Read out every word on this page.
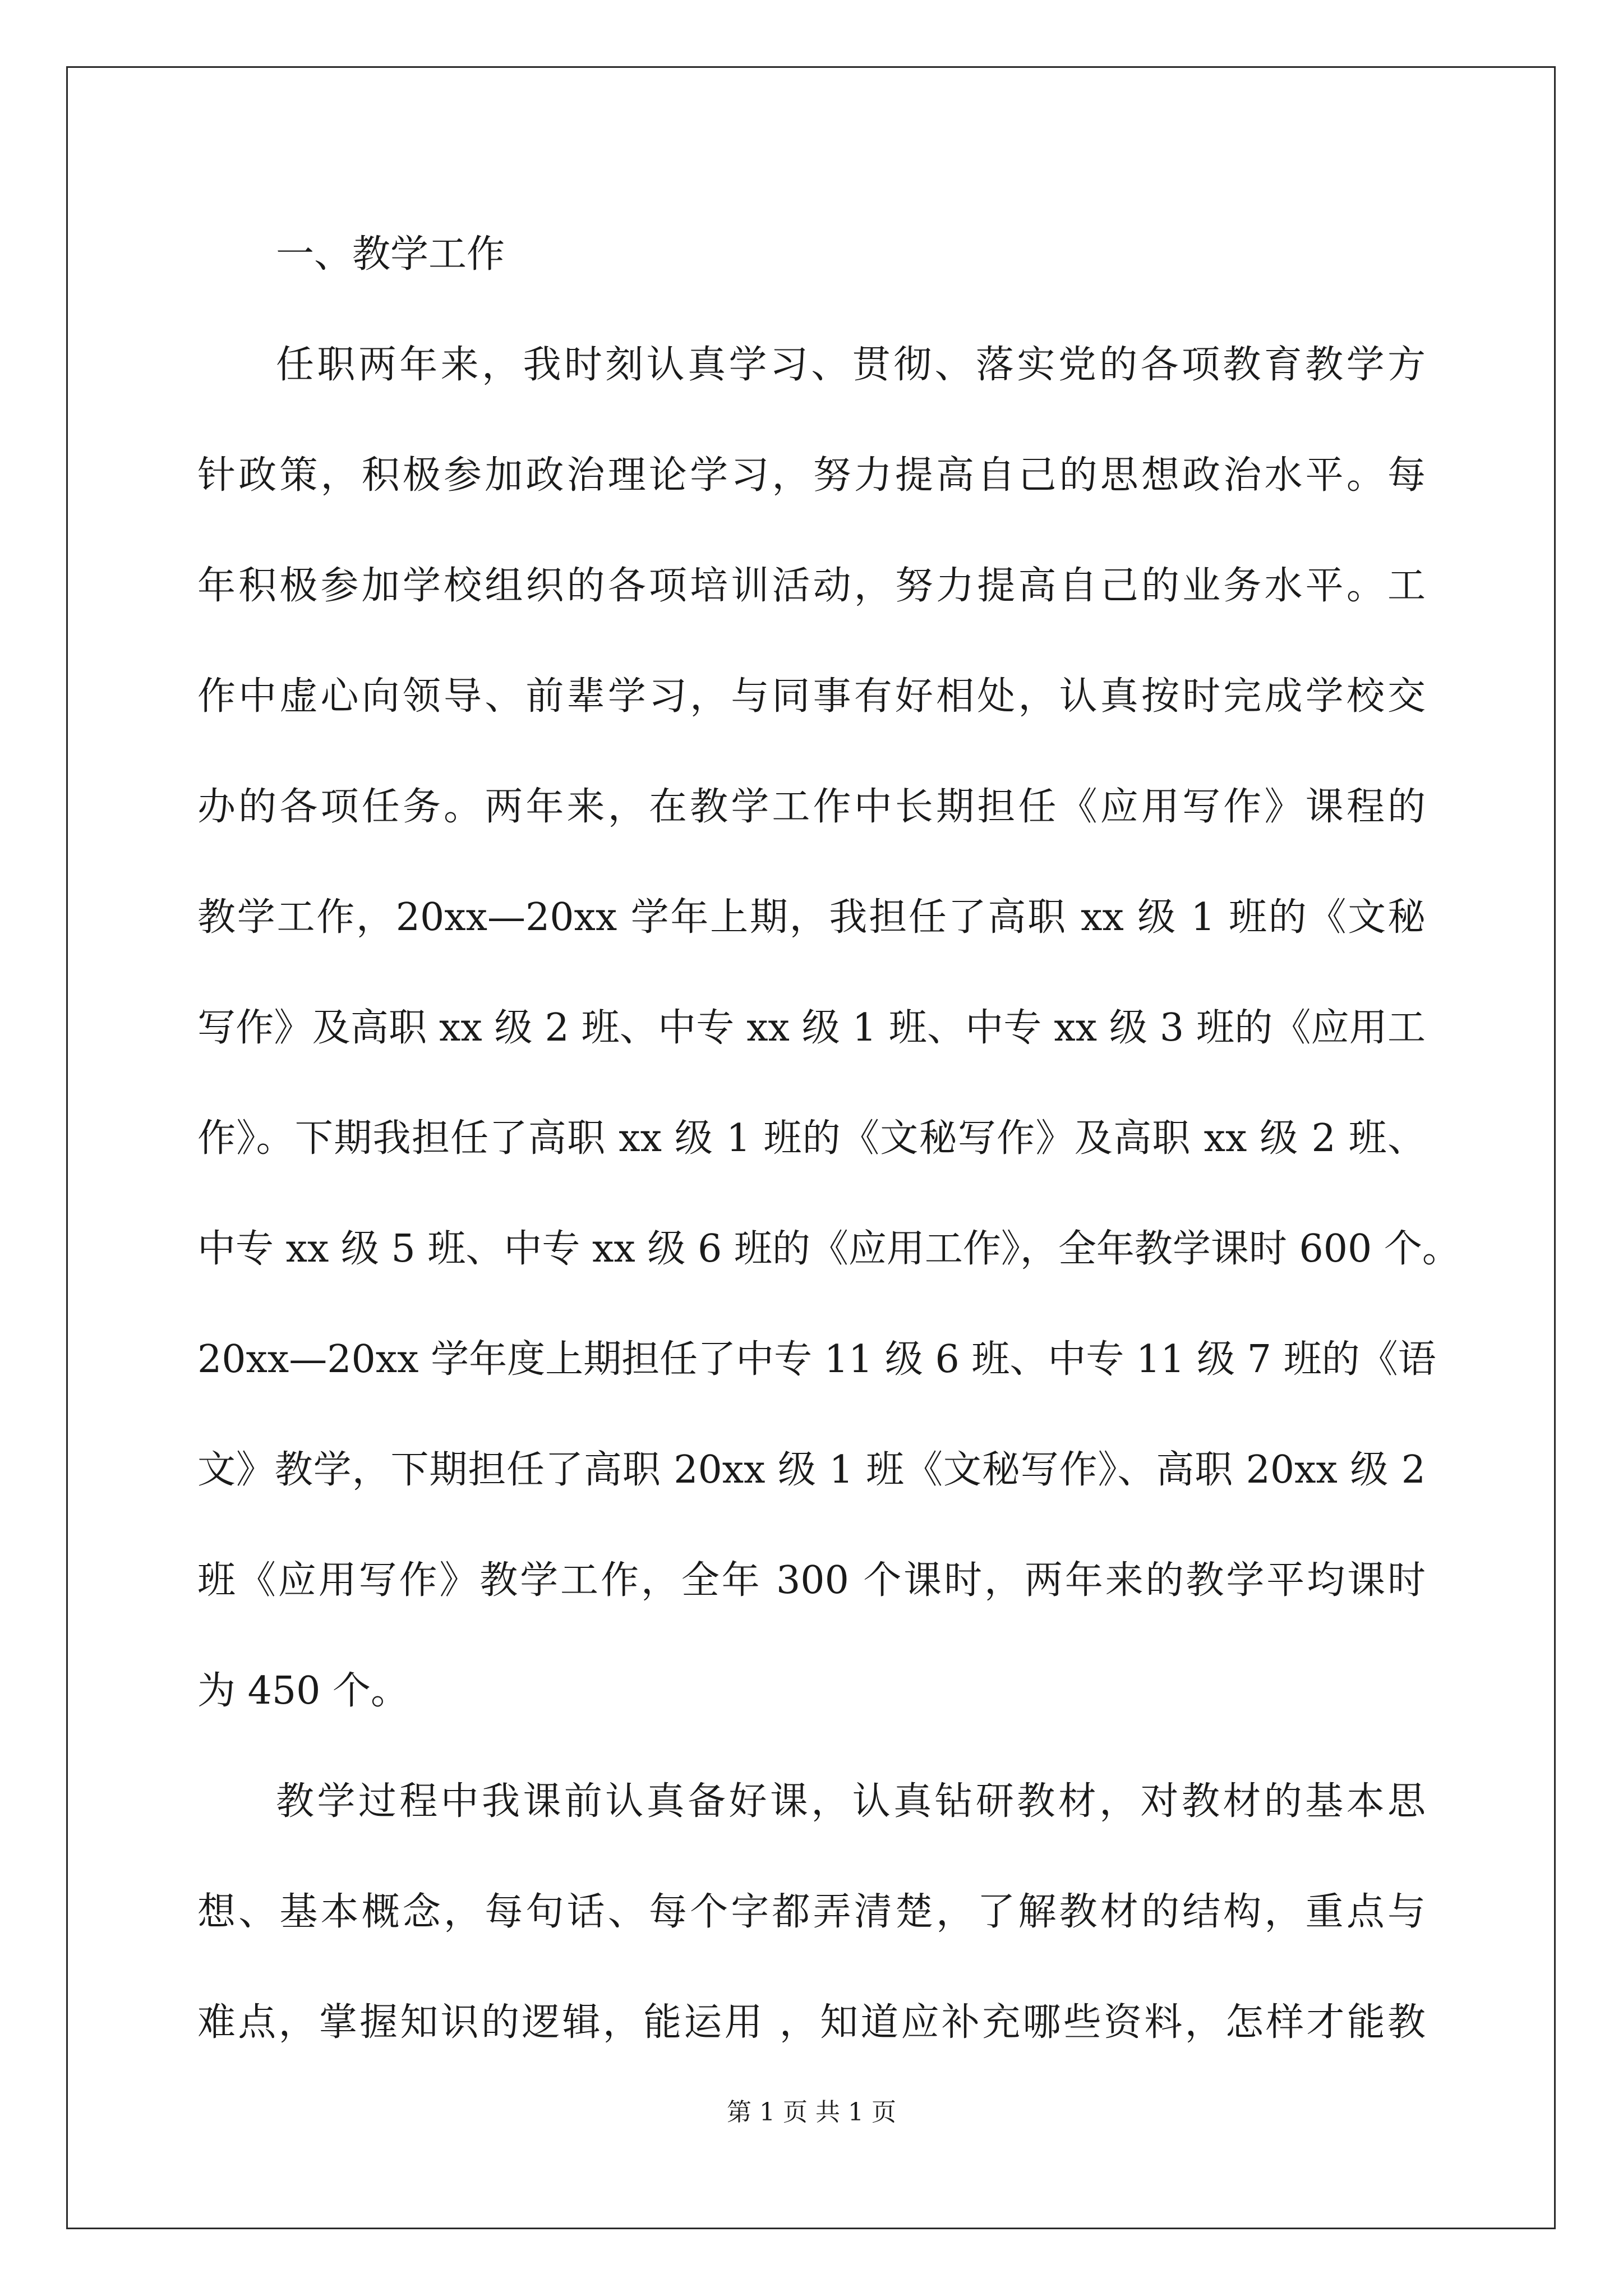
一、教学工作
任职两年来，我时刻认真学习、贯彻、落实党的各项教育教学方
针政策，积极参加政治理论学习，努力提高自己的思想政治水平。每
年积极参加学校组织的各项培训活动，努力提高自己的业务水平。工
作中虚心向领导、前辈学习，与同事有好相处，认真按时完成学校交
办的各项任务。两年来，在教学工作中长期担任《应用写作》课程的
教学工作，20xx—20xx 学年上期，我担任了高职 xx 级 1 班的《文秘
写作》及高职 xx 级 2 班、中专 xx 级 1 班、中专 xx 级 3 班的《应用工
作》。下期我担任了高职 xx 级 1 班的《文秘写作》及高职 xx 级 2 班、
中专 xx 级 5 班、中专 xx 级 6 班的《应用工作》，全年教学课时 600 个。
20xx—20xx 学年度上期担任了中专 11 级 6 班、中专 11 级 7 班的《语
文》教学，下期担任了高职 20xx 级 1 班《文秘写作》、高职 20xx 级 2
班《应用写作》教学工作，全年 300 个课时，两年来的教学平均课时
为 450 个。
教学过程中我课前认真备好课，认真钻研教材，对教材的基本思
想、基本概念，每句话、每个字都弄清楚，了解教材的结构，重点与
难点，掌握知识的逻辑，能运用 ，知道应补充哪些资料，怎样才能教
第 1 页 共 1 页
